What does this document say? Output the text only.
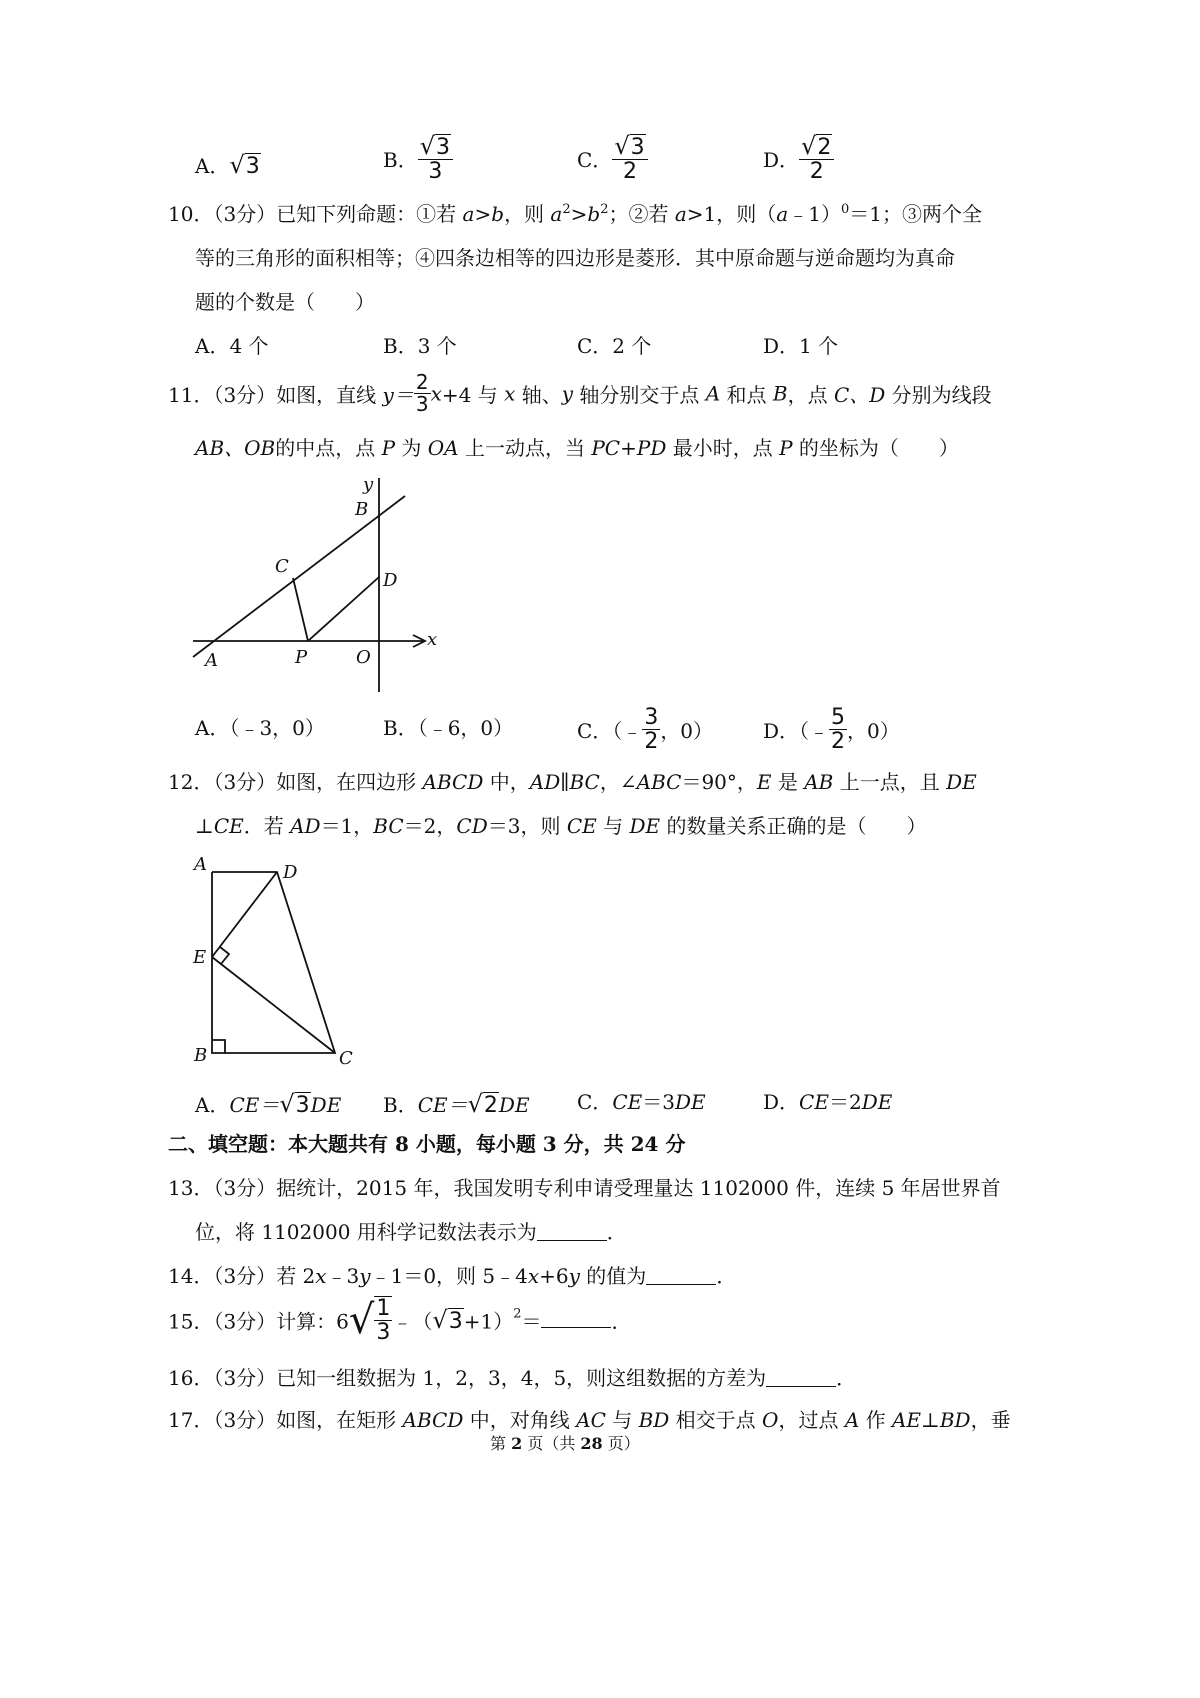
A．√3	B． $\frac{√3}{3}$	C． $\frac{√3}{2}$	D． $\frac{√2}{2}$
10．（3分）已知下列命题：①若 a>b，则 $a^2>b^2$；②若 a>1，则（a﹣1）$^0$＝1；③两个全
等的三角形的面积相等；④四条边相等的四边形是菱形．其中原命题与逆命题均为真命
题的个数是（　　）
A．4 个	B．3 个	C．2 个	D．1 个
11．（3分）如图，直线 $y= \frac{2}{3} x+4$ 与 x 轴、y 轴分别交于点 A 和点 B，点 C、D 分别为线段
AB、OB的中点，点 P 为 OA 上一动点，当 PC+PD 最小时，点 P 的坐标为（　　）
y
B
C
D
A	P	O
x
A．（﹣3，0）	B．（﹣6，0）	C．（﹣ $\frac{3}{2}$ ，0） D．（﹣ $\frac{5}{2}$ ，0）
12．（3分）如图，在四边形 ABCD 中，AD∥BC，∠ABC＝90°，E 是 AB 上一点，且 DE
⊥CE．若 AD＝1，BC＝2，CD＝3，则 CE 与 DE 的数量关系正确的是（　　）
A	D
E
B	C
A．CE＝√3DE B．CE＝√2DE C．CE＝3DE	D．CE＝2DE
二、填空题：本大题共有 8 小题，每小题 3 分，共 24 分
13．（3分）据统计，2015 年，我国发明专利申请受理量达 1102000 件，连续 5 年居世界首
位，将 1102000 用科学记数法表示为	．
14．（3分）若 2x﹣3y﹣1＝0，则 5﹣4x+6y 的值为	．
15．（3分）计算：$6√ \frac{1}{3}$ $﹣(√3+1)^2=$	．
16．（3分）已知一组数据为 1，2，3，4，5，则这组数据的方差为	．
17．（3分）如图，在矩形 ABCD 中，对角线 AC 与 BD 相交于点 O，过点 A 作 AE⊥BD，垂
第 2 页（共 28 页）
